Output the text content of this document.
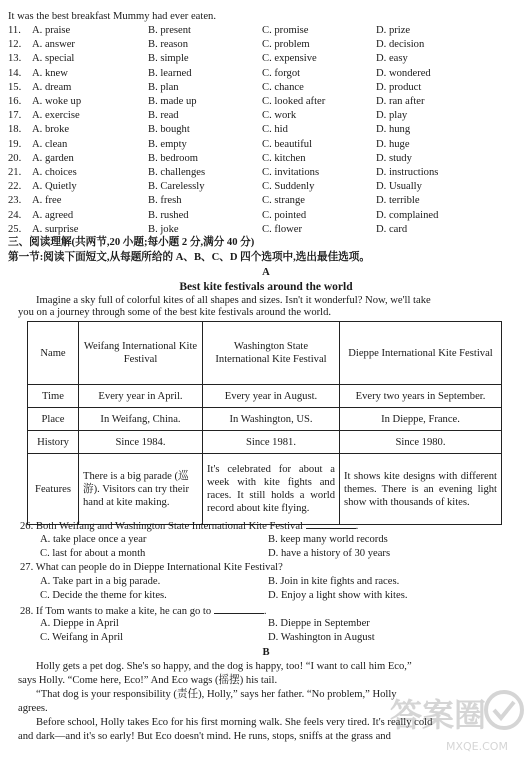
It was the best breakfast Mummy had ever eaten.
11. A. praise	B. present	C. promise	D. prize
12. A. answer	B. reason	C. problem	D. decision
13. A. special	B. simple	C. expensive	D. easy
14. A. knew	B. learned	C. forgot	D. wondered
15. A. dream	B. plan	C. chance	D. product
16. A. woke up	B. made up	C. looked after	D. ran after
17. A. exercise	B. read	C. work	D. play
18. A. broke	B. bought	C. hid	D. hung
19. A. clean	B. empty	C. beautiful	D. huge
20. A. garden	B. bedroom	C. kitchen	D. study
21. A. choices	B. challenges	C. invitations	D. instructions
22. A. Quietly	B. Carelessly	C. Suddenly	D. Usually
23. A. free	B. fresh	C. strange	D. terrible
24. A. agreed	B. rushed	C. pointed	D. complained
25. A. surprise	B. joke	C. flower	D. card
三、阅读理解(共两节,20 小题;每小题 2 分,满分 40 分)
第一节:阅读下面短文,从每题所给的 A、B、C、D 四个选项中,选出最佳选项。
A
Best kite festivals around the world
Imagine a sky full of colorful kites of all shapes and sizes. Isn't it wonderful? Now, we'll take
you on a journey through some of the best kite festivals around the world.
Name	Weifang International Kite Festival	Washington State International Kite Festival	Dieppe International Kite Festival
Time	Every year in April.	Every year in August.	Every two years in September.
Place	In Weifang, China.	In Washington, US.	In Dieppe, France.
History	Since 1984.	Since 1981.	Since 1980.
Features	There is a big parade (巡游). Visitors can try their hand at kite making.	It's celebrated for about a week with kite fights and races. It still holds a world record about kite flying.	It shows kite designs with different themes. There is an evening light show with thousands of kites.
26. Both Weifang and Washington State International Kite Festival	.
A. take place once a year	B. keep many world records
C. last for about a month	D. have a history of 30 years
27. What can people do in Dieppe International Kite Festival?
A. Take part in a big parade.	B. Join in kite fights and races.
C. Decide the theme for kites.	D. Enjoy a light show with kites.
28. If Tom wants to make a kite, he can go to	.
A. Dieppe in April	B. Dieppe in September
C. Weifang in April	D. Washington in August
B
Holly gets a pet dog. She's so happy, and the dog is happy, too! “I want to call him Eco,”
says Holly. “Come here, Eco!” And Eco wags (摇摆) his tail.
“That dog is your responsibility (责任), Holly,” says her father. “No problem,” Holly
agrees.
Before school, Holly takes Eco for his first morning walk. She feels very tired. It's really cold
and dark—and it's so early! But Eco doesn't mind. He runs, stops, sniffs at the grass and
答案圈
MXQE.COM
